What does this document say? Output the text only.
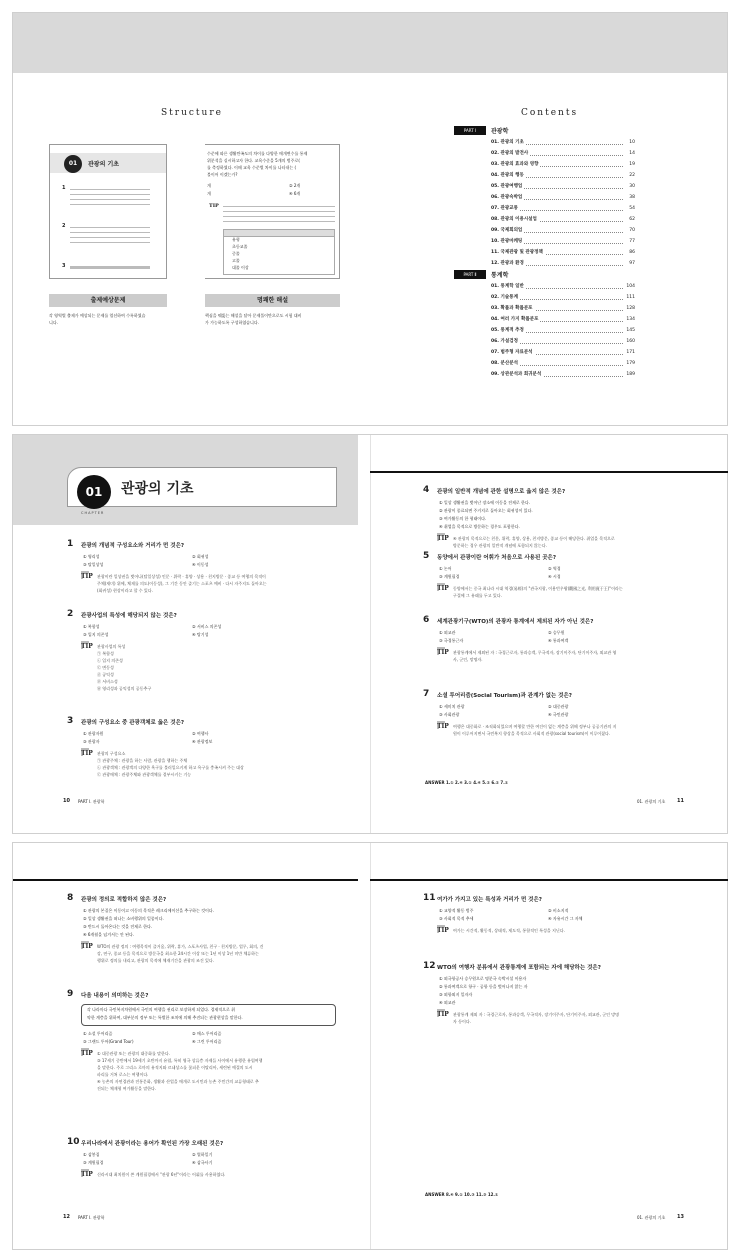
Structure	Contents
01	관광의 기초
1
2
3
수준에 따른 생활만족도의 차이를 다양한 매개변수를 통제
위분석을 실시하고자 한다. 교육수준을 5개의 범주로(
를 측정하였다. 이때 교육 수준별 차이를 나타내는 (
불이어 이겠는가?
개	② 2개
개	④ 6개
TIP
유형
초등교졸
중졸
고졸
대졸 이상
출제예상문제	명쾌한 해설
각 영역별 출제가 예상되는 문제를 엄선하여 수록하였습
니다.
핵심을 꿰뚫는 해설을 달아 문제풀이만으로도 시험 대비
가 가능하도록 구성하였습니다.
PART Ⅰ	관광학
01. 관광의 기초	10
02. 관광의 발전사	14
03. 관광의 효과와 영향	19
04. 관광의 행동	22
05. 관광여행업	30
06. 관광숙박업	38
07. 관광교통	54
08. 관광의 이용시설업	62
09. 국제회의업	70
10. 관광마케팅	77
11. 국제관광 및 관광정책	86
12. 관광과 환경	97
PART Ⅱ	통계학
01. 통계학 일반	104
02. 기술통계	111
03. 확률과 확률분포	128
04. 여러 가지 확률분포	134
05. 통계적 추정	145
06. 가설검정	160
07. 범주형 자료분석	171
08. 분산분석	179
09. 상관분석과 회귀분석	189
01	관광의 기초
CHAPTER
1 관광의 개념적 구성요소와 거리가 먼 것은?
① 영리성	② 회귀성
③ 탈일상성	④ 이동성
TIP 관광이란 일상권을 벗어나(탈일상성) 인문 · 위락 · 휴양 · 상용 · 친지방문 · 종교 등 여행의 목적이
주체(재미) 위에, 체재를 의도(이동성), 그 기간 동안 즐기는 스포츠 예비 · 다시 자주지도 돌아오는
(회귀성) 현상이라고 할 수 있다.
2 관광사업의 특성에 해당되지 않는 것은?
① 복합성	② 서비스 의존성
③ 입지 의존성	④ 탕기성
TIP 관광사업의 특성
㉠ 복합성
㉡ 입지 의존성
㉢ 변동성
㉣ 공익성
㉤ 서비스성
㉥ 영리성과 공익성의 공동추구
3 관광의 구성요소 중 관광객체로 옳은 것은?
① 관광자원	② 여행사
③ 관광자	④ 관광정보
TIP 관광의 구성요소
㉠ 관광주체 : 관광을 하는 사람, 관광을 행하는 주체
㉡ 관광객체 : 관광객의 다양한 욕구를 불러일으키게 하고 욕구를 충족시켜 주는 대상
㉢ 관광매체 : 관광주체와 관광객체를 결부시키는 기능
4 관광의 일반적 개념에 관한 설명으로 옳지 않은 것은?
① 일상 생활권을 벗어난 장소에 이동을 전제로 한다.
② 관광이 종료되면 주거지로 돌아오는 회귀성이 있다.
③ 여가활동의 한 형태이다.
④ 취업을 목적으로 방문하는 경우도 포함한다.
TIP ④ 관광의 목적으로는 친분, 위락, 휴양, 상용, 친지방문, 종교 등이 해당한다. 취업을 목적으로
방문하는 경우 관광의 일반적 개념에 포함되지 않는다.
5 동양에서 관광이란 어휘가 처음으로 사용된 곳은?
① 논어	② 역경
③ 계원필경	④ 시경
TIP 동양에서는 중국 최나라 시대 역경(易經)의 "관국지광, 이용빈우왕(觀國之光, 利用賓于王)"이라는
구절에 그 유래를 두고 있다.
6 세계관광기구(WTO)의 관광자 통계에서 제외된 자가 아닌 것은?
① 외교관	② 승무원
③ 국경통근자	④ 통과여객
TIP 관광통계에서 제외된 자 : 국경근로자, 통과승객, 무국적자, 장기이주자, 단기이주자, 외교관 영
사, 군인, 망명자.
7 소셜 투어리즘(Social Tourism)과 관계가 없는 것은?
① 세미치 관광	② 대중관광
③ 사회관광	④ 국민관광
TIP 여행은 대중화로 · 조직화되었으며 여행할 만한 여건이 없는 계층을 위해 정부나 공공기관의 지
원이 이루어지면서 국민복지 향상을 목적으로 사회적 관광(social tourism)이 이루어졌다.
ANSWER 1.① 2.④ 3.① 4.④ 5.② 6.② 7.①
10 PART Ⅰ. 관광학	01. 관광의 기초 11
8 관광의 정의로 적합하지 않은 것은?
① 관광의 본질은 이동이고 이동의 목적은 레크리에이션을 추구하는 것이다.
② 일상 생활권을 떠나는 소비행위의 일종이다.
③ 반드시 돌아온다는 것을 전제로 한다.
④ 6개월을 넘겨서는 안 된다.
TIP WTO의 관광 정의 : 여행목적이 즐거움, 위락, 휴가, 스포츠사업, 친구 · 친지방문, 업무, 회의, 건
강, 연구, 종교 등을 목적으로 방문국을 최소한 24시간 이상 또는 1년 이상 1년 미만 체류하는
행위로 정의를 내리고, 관광의 목적에 체재기간을 관광의 조건 있다.
9 다음 내용이 의미하는 것은?
각 나라마다 국민복지차원에서 국민의 여행을 권리로 보장하게 되었다. 경제적으로 취
약한 계층을 위하여, 대부분의 정부 또는 특별한 조치에 의해 추진되는 관광현상을 말한다.
① 소설 투어리즘	② 매스 투어리즘
③ 그랜드 투어(Grand Tour)	④ 그린 투어리즘
TIP ① 대중관광 또는 관광의 대중화를 말한다.
③ 17세기 중반에서 19세기 초반까지 유럽, 특히 영국 상류층 자제들 사이에서 유행한 유럽여행
을 말한다. 주로 그리스 로마의 유적지와 르네상스를 꽃피운 이탈리아, 세련된 예절의 도시
파리를 거쳐 로스는 여행이다.
④ 농촌의 자연경관과 전통문화, 생활과 산업을 매개로 도시민과 농촌 주민간의 교류형태로 추
진되는 체재형 여가활동을 말한다.
10 우리나라에서 관광이라는 용어가 확인된 가장 오래된 것은?
① 삼봉집	② 열하일기
③ 계원필경	④ 삼국사기
TIP 신라시대 최치원이 쓴 계원필경에서 "관광 6년"이라는 어휘를 사용하였다.
11 여가가 가지고 있는 특성과 거리가 먼 것은?
① 교양적 활동 범주	② 비소지적
③ 사회적 목적 추세	④ 자유시간 그 자체
TIP 여가는 시간적, 활동적, 상태적, 제도적, 통합적인 특성을 지닌다.
12 WTO의 여행자 분류에서 관광통계에 포함되는 자에 해당하는 것은?
① 외국항공사 승무원으로 명분국 숙박시설 이용자
② 통과여객으로 항구 · 공항 등을 벗어나지 않는 자
③ 외항외지 일자자
④ 외교관
TIP 관광통계 제외 자 : 국경근로자, 통과승객, 무국적자, 장기이주자, 단기이주자, 외교관, 군인 망명
자 등이다.
ANSWER 8.④ 9.① 10.③ 11.③ 12.①
12 PART Ⅰ. 관광학	01. 관광의 기초 13
